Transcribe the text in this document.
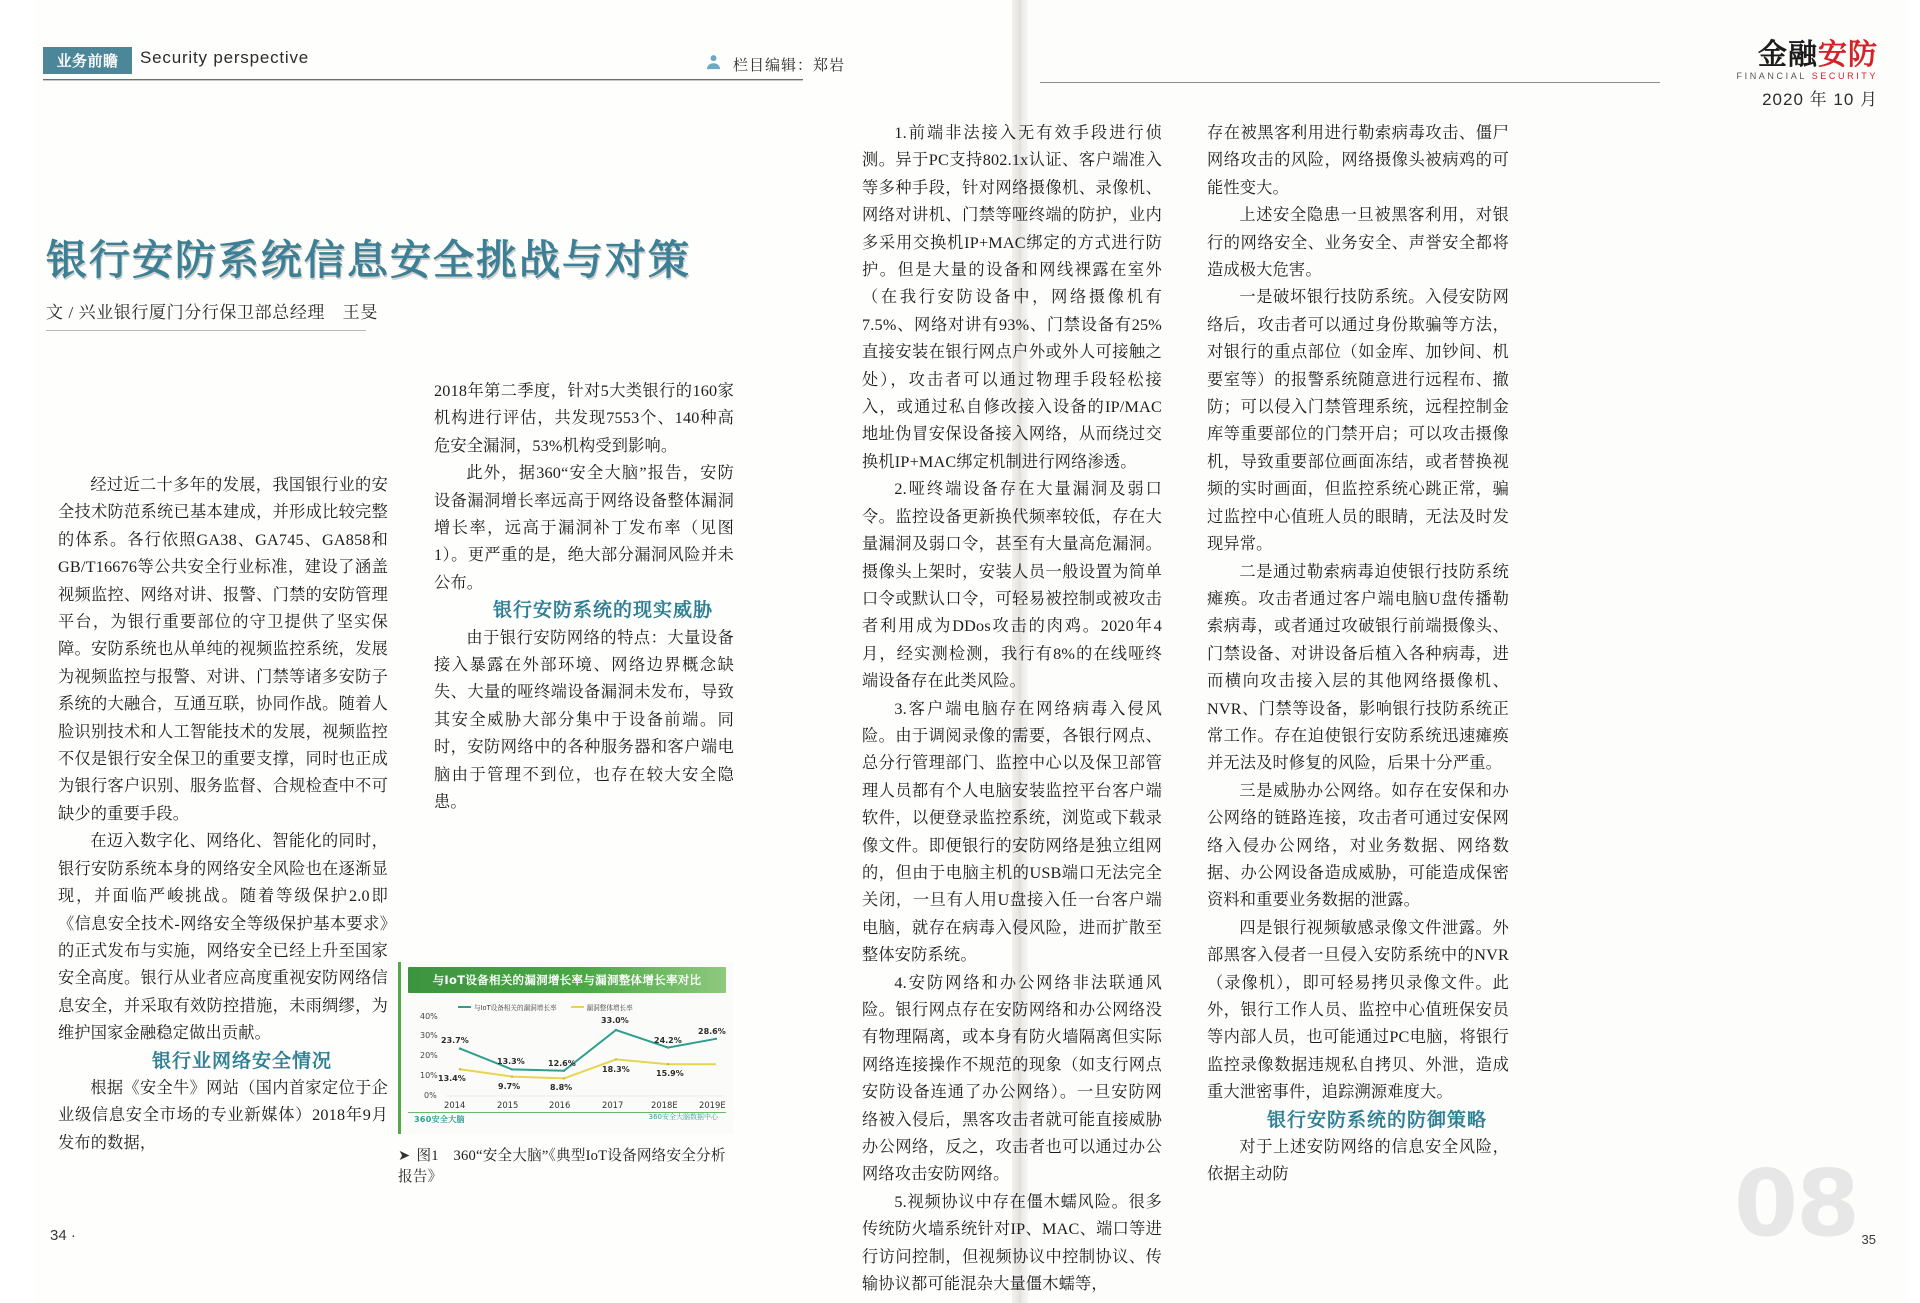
业务前瞻	Security perspective	栏目编辑：郑岩	金融安防
FINANCIAL SECURITY
2020 年 10 月
银行安防系统信息安全挑战与对策
文 / 兴业银行厦门分行保卫部总经理　王旻

经过近二十多年的发展，我国银行业的安全技术防范系统已基本建成，并形成比较完整的体系。各行依照GA38、GA745、GA858和GB/T16676等公共安全行业标准，建设了涵盖视频监控、网络对讲、报警、门禁的安防管理平台，为银行重要部位的守卫提供了坚实保障。安防系统也从单纯的视频监控系统，发展为视频监控与报警、对讲、门禁等诸多安防子系统的大融合，互通互联，协同作战。随着人脸识别技术和人工智能技术的发展，视频监控不仅是银行安全保卫的重要支撑，同时也正成为银行客户识别、服务监督、合规检查中不可缺少的重要手段。

在迈入数字化、网络化、智能化的同时，银行安防系统本身的网络安全风险也在逐渐显现，并面临严峻挑战。随着等级保护2.0即《信息安全技术-网络安全等级保护基本要求》的正式发布与实施，网络安全已经上升至国家安全高度。银行从业者应高度重视安防网络信息安全，并采取有效防控措施，未雨绸缪，为维护国家金融稳定做出贡献。

银行业网络安全情况

根据《安全牛》网站（国内首家定位于企业级信息安全市场的专业新媒体）2018年9月发布的数据，

2018年第二季度，针对5大类银行的160家机构进行评估，共发现7553个、140种高危安全漏洞，53%机构受到影响。

此外，据360“安全大脑”报告，安防设备漏洞增长率远高于网络设备整体漏洞增长率，远高于漏洞补丁发布率（见图1）。更严重的是，绝大部分漏洞风险并未公布。

银行安防系统的现实威胁

由于银行安防网络的特点：大量设备接入暴露在外部环境、网络边界概念缺失、大量的哑终端设备漏洞未发布，导致其安全威胁大部分集中于设备前端。同时，安防网络中的各种服务器和客户端电脑由于管理不到位，也存在较大安全隐患。

与IoT设备相关的漏洞增长率与漏洞整体增长率对比
与IoT设备相关的漏洞增长率	漏洞整体增长率
40%
30%
20%
10%
0%
23.7%
13.3%	12.6%
33.0%
24.2%
28.6%
13.4%
9.7%	8.8%
18.3%	15.9%
2014	2015	2016	2017	2018E	2019E
360安全大脑	360安全大脑数据中心
➤ 图1　360“安全大脑”《典型IoT设备网络安全分析报告》

1.前端非法接入无有效手段进行侦测。异于PC支持802.1x认证、客户端准入等多种手段，针对网络摄像机、录像机、网络对讲机、门禁等哑终端的防护，业内多采用交换机IP+MAC绑定的方式进行防护。但是大量的设备和网线裸露在室外（在我行安防设备中，网络摄像机有7.5%、网络对讲有93%、门禁设备有25%直接安装在银行网点户外或外人可接触之处），攻击者可以通过物理手段轻松接入，或通过私自修改接入设备的IP/MAC地址伪冒安保设备接入网络，从而绕过交换机IP+MAC绑定机制进行网络渗透。

2.哑终端设备存在大量漏洞及弱口令。监控设备更新换代频率较低，存在大量漏洞及弱口令，甚至有大量高危漏洞。摄像头上架时，安装人员一般设置为简单口令或默认口令，可轻易被控制或被攻击者利用成为DDos攻击的肉鸡。2020年4月，经实测检测，我行有8%的在线哑终端设备存在此类风险。

3.客户端电脑存在网络病毒入侵风险。由于调阅录像的需要，各银行网点、总分行管理部门、监控中心以及保卫部管理人员都有个人电脑安装监控平台客户端软件，以便登录监控系统，浏览或下载录像文件。即便银行的安防网络是独立组网的，但由于电脑主机的USB端口无法完全关闭，一旦有人用U盘接入任一台客户端电脑，就存在病毒入侵风险，进而扩散至整体安防系统。

4.安防网络和办公网络非法联通风险。银行网点存在安防网络和办公网络没有物理隔离，或本身有防火墙隔离但实际网络连接操作不规范的现象（如支行网点安防设备连通了办公网络）。一旦安防网络被入侵后，黑客攻击者就可能直接威胁办公网络，反之，攻击者也可以通过办公网络攻击安防网络。

5.视频协议中存在僵木蠕风险。很多传统防火墙系统针对IP、MAC、端口等进行访问控制，但视频协议中控制协议、传输协议都可能混杂大量僵木蠕等，

存在被黑客利用进行勒索病毒攻击、僵尸网络攻击的风险，网络摄像头被病鸡的可能性变大。

上述安全隐患一旦被黑客利用，对银行的网络安全、业务安全、声誉安全都将造成极大危害。

一是破坏银行技防系统。入侵安防网络后，攻击者可以通过身份欺骗等方法，对银行的重点部位（如金库、加钞间、机要室等）的报警系统随意进行远程布、撤防；可以侵入门禁管理系统，远程控制金库等重要部位的门禁开启；可以攻击摄像机，导致重要部位画面冻结，或者替换视频的实时画面，但监控系统心跳正常，骗过监控中心值班人员的眼睛，无法及时发现异常。

二是通过勒索病毒迫使银行技防系统瘫痪。攻击者通过客户端电脑U盘传播勒索病毒，或者通过攻破银行前端摄像头、门禁设备、对讲设备后植入各种病毒，进而横向攻击接入层的其他网络摄像机、NVR、门禁等设备，影响银行技防系统正常工作。存在迫使银行安防系统迅速瘫痪并无法及时修复的风险，后果十分严重。

三是威胁办公网络。如存在安保和办公网络的链路连接，攻击者可通过安保网络入侵办公网络，对业务数据、网络数据、办公网设备造成威胁，可能造成保密资料和重要业务数据的泄露。

四是银行视频敏感录像文件泄露。外部黑客入侵者一旦侵入安防系统中的NVR（录像机），即可轻易拷贝录像文件。此外，银行工作人员、监控中心值班保安员等内部人员，也可能通过PC电脑，将银行监控录像数据违规私自拷贝、外泄，造成重大泄密事件，追踪溯源难度大。

银行安防系统的防御策略

对于上述安防网络的信息安全风险，依据主动防	08
34 ·	35
